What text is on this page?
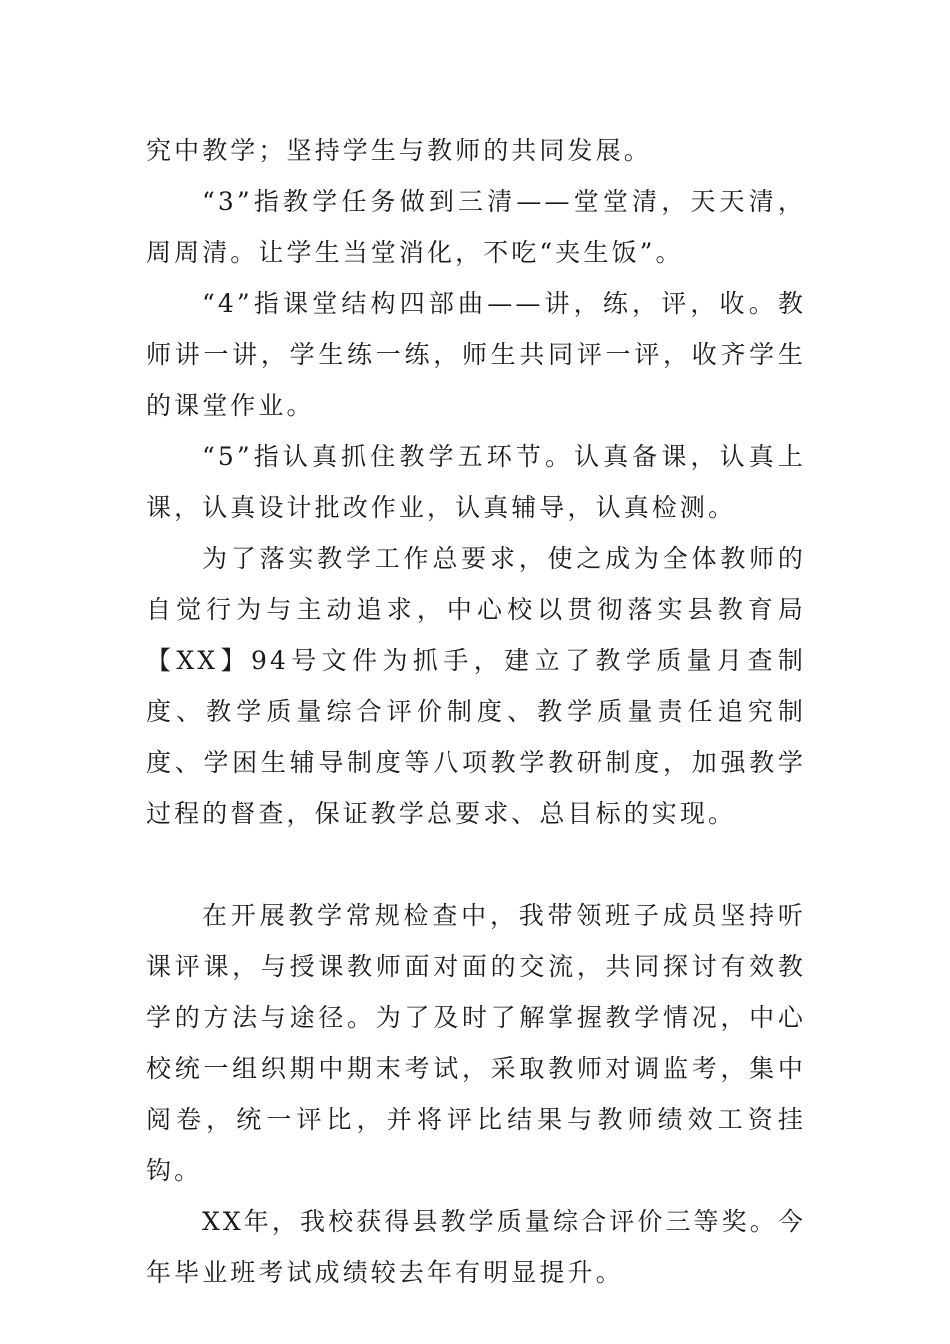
究中教学；坚持学生与教师的共同发展。

“3”指教学任务做到三清——堂堂清，天天清，周周清。让学生当堂消化，不吃“夹生饭”。

“4”指课堂结构四部曲——讲，练，评，收。教师讲一讲，学生练一练，师生共同评一评，收齐学生的课堂作业。

“5”指认真抓住教学五环节。认真备课，认真上课，认真设计批改作业，认真辅导，认真检测。

为了落实教学工作总要求，使之成为全体教师的自觉行为与主动追求，中心校以贯彻落实县教育局【XX】94号文件为抓手，建立了教学质量月查制度、教学质量综合评价制度、教学质量责任追究制度、学困生辅导制度等八项教学教研制度，加强教学过程的督查，保证教学总要求、总目标的实现。

在开展教学常规检查中，我带领班子成员坚持听课评课，与授课教师面对面的交流，共同探讨有效教学的方法与途径。为了及时了解掌握教学情况，中心校统一组织期中期末考试，采取教师对调监考，集中阅卷，统一评比，并将评比结果与教师绩效工资挂钩。

XX年，我校获得县教学质量综合评价三等奖。今年毕业班考试成绩较去年有明显提升。
